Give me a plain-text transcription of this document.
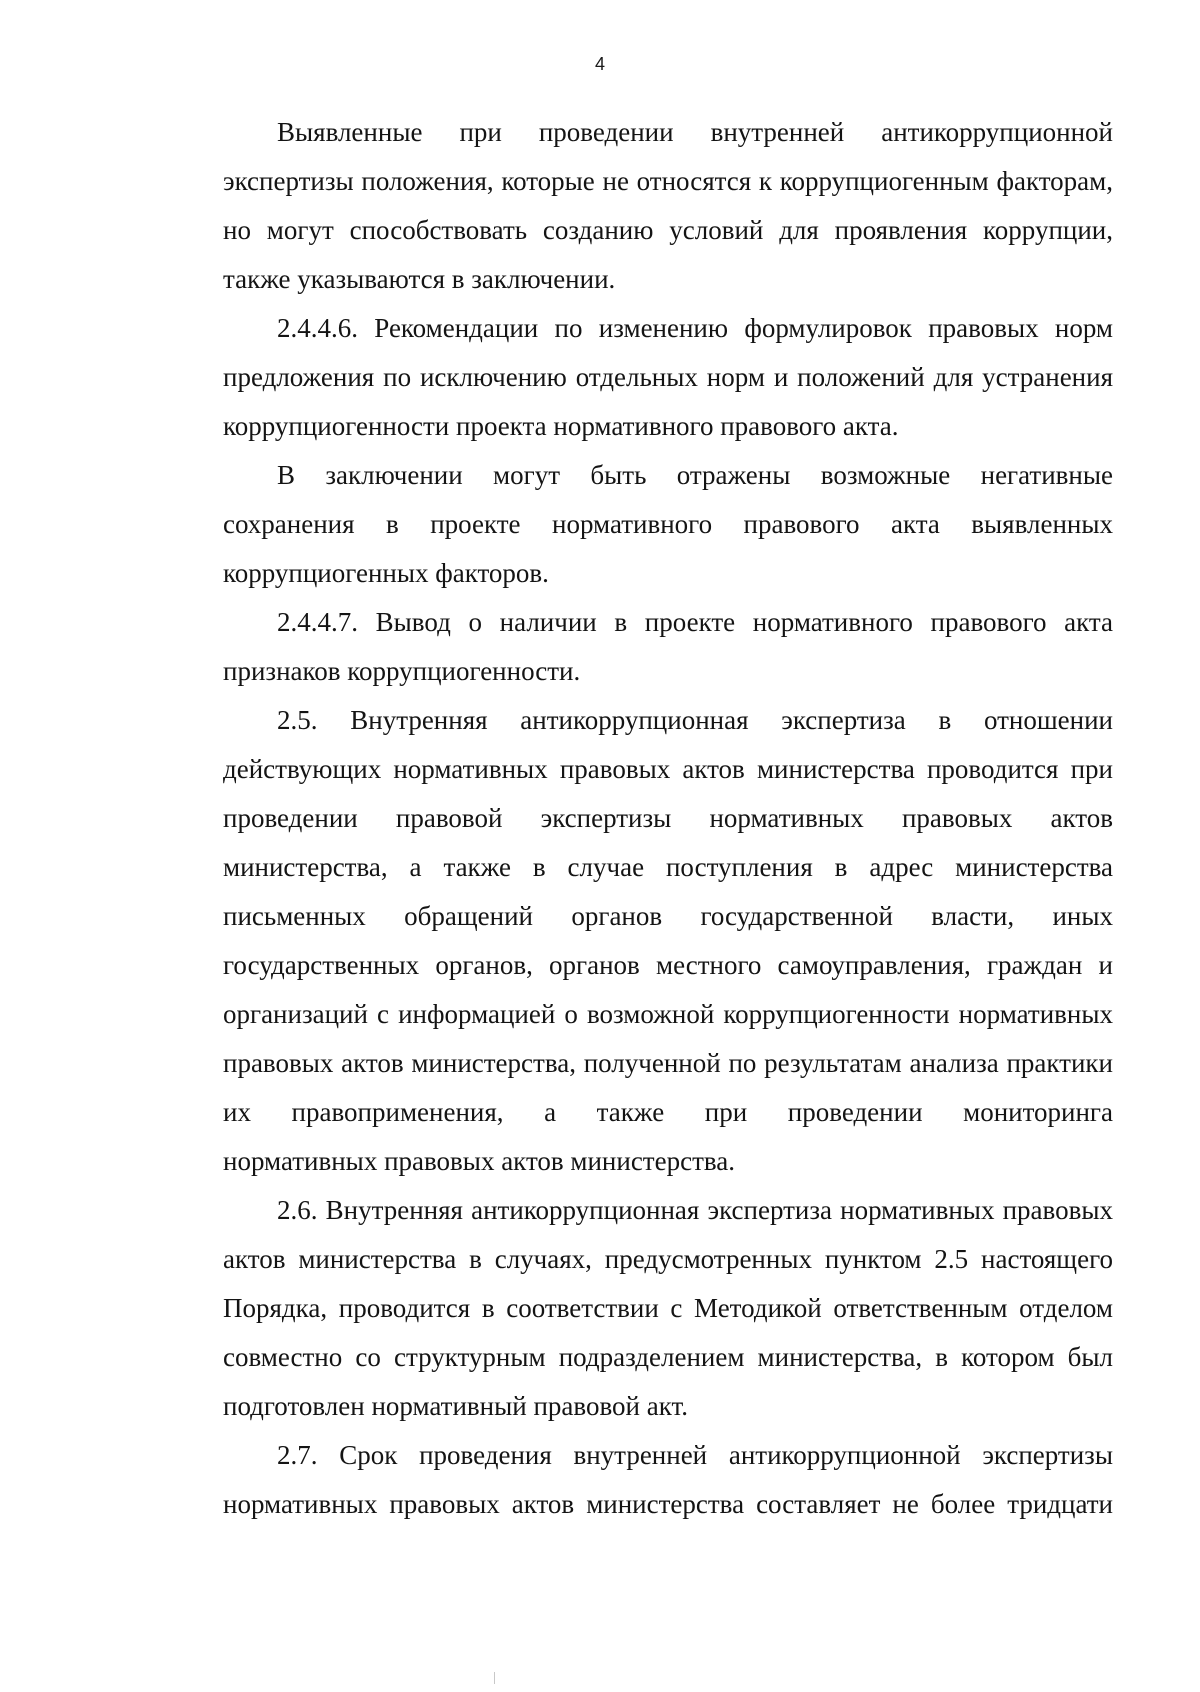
4
Выявленные при проведении внутренней антикоррупционной
экспертизы положения, которые не относятся к коррупциогенным факторам,
но могут способствовать созданию условий для проявления коррупции,
также указываются в заключении.
2.4.4.6. Рекомендации по изменению формулировок правовых норм
предложения по исключению отдельных норм и положений для устранения
коррупциогенности проекта нормативного правового акта.
В заключении могут быть отражены возможные негативные
сохранения в проекте нормативного правового акта выявленных
коррупциогенных факторов.
2.4.4.7. Вывод о наличии в проекте нормативного правового акта
признаков коррупциогенности.
2.5. Внутренняя антикоррупционная экспертиза в отношении
действующих нормативных правовых актов министерства проводится при
проведении правовой экспертизы нормативных правовых актов
министерства, а также в случае поступления в адрес министерства
письменных обращений органов государственной власти, иных
государственных органов, органов местного самоуправления, граждан и
организаций с информацией о возможной коррупциогенности нормативных
правовых актов министерства, полученной по результатам анализа практики
их правоприменения, а также при проведении мониторинга
нормативных правовых актов министерства.
2.6. Внутренняя антикоррупционная экспертиза нормативных правовых
актов министерства в случаях, предусмотренных пунктом 2.5 настоящего
Порядка, проводится в соответствии с Методикой ответственным отделом
совместно со структурным подразделением министерства, в котором был
подготовлен нормативный правовой акт.
2.7. Срок проведения внутренней антикоррупционной экспертизы
нормативных правовых актов министерства составляет не более тридцати
